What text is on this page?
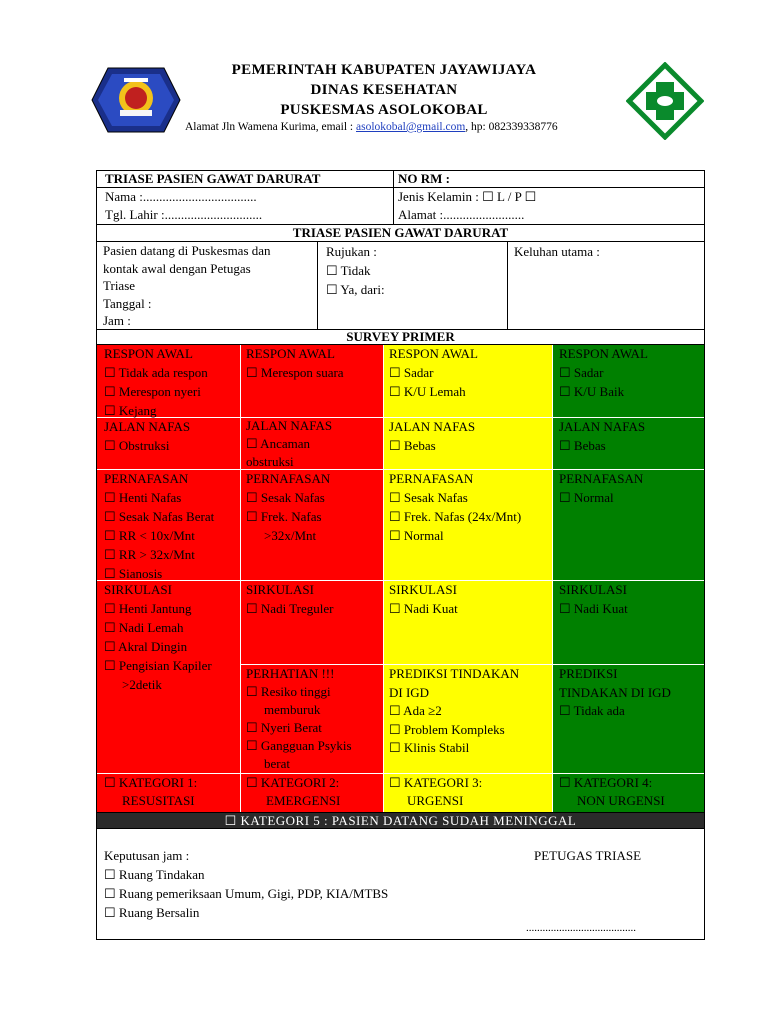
PEMERINTAH KABUPATEN JAYAWIJAYA
DINAS KESEHATAN
PUSKESMAS ASOLOKOBAL
Alamat Jln Wamena Kurima, email : asolokobal@gmail.com, hp: 082339338776
TRIASE PASIEN GAWAT DARURAT	NO RM :
Nama :...................................
Tgl. Lahir :..............................
Jenis Kelamin : ☐ L / P ☐
Alamat :.........................
TRIASE PASIEN GAWAT DARURAT
Pasien datang di Puskesmas dan
kontak awal dengan Petugas
Triase
Tanggal :
Jam :
Rujukan :
☐ Tidak
☐ Ya, dari:
Keluhan utama :
SURVEY PRIMER
RESPON AWAL
☐ Tidak ada respon
☐ Merespon nyeri
☐ Kejang
JALAN NAFAS
☐ Obstruksi
PERNAFASAN
☐ Henti Nafas
☐ Sesak Nafas Berat
☐ RR < 10x/Mnt
☐ RR > 32x/Mnt
☐ Sianosis
SIRKULASI
☐ Henti Jantung
☐ Nadi Lemah
☐ Akral Dingin
☐ Pengisian Kapiler
>2detik
☐ KATEGORI 1:
RESUSITASI
RESPON AWAL
☐ Merespon suara
JALAN NAFAS
☐ Ancaman
obstruksi
PERNAFASAN
☐ Sesak Nafas
☐ Frek. Nafas
>32x/Mnt
SIRKULASI
☐ Nadi Treguler
PERHATIAN !!!
☐ Resiko tinggi
memburuk
☐ Nyeri Berat
☐ Gangguan Psykis
berat
☐ KATEGORI 2:
EMERGENSI
RESPON AWAL
☐ Sadar
☐ K/U Lemah
JALAN NAFAS
☐ Bebas
PERNAFASAN
☐ Sesak Nafas
☐ Frek. Nafas (24x/Mnt)
☐ Normal
SIRKULASI
☐ Nadi Kuat
PREDIKSI TINDAKAN
DI IGD
☐ Ada ≥2
☐ Problem Kompleks
☐ Klinis Stabil
☐ KATEGORI 3:
URGENSI
RESPON AWAL
☐ Sadar
☐ K/U Baik
JALAN NAFAS
☐ Bebas
PERNAFASAN
☐ Normal
SIRKULASI
☐ Nadi Kuat
PREDIKSI
TINDAKAN DI IGD
☐ Tidak ada
☐ KATEGORI 4:
NON URGENSI
☐ KATEGORI 5 : PASIEN DATANG SUDAH MENINGGAL
Keputusan jam :
☐ Ruang Tindakan
☐ Ruang pemeriksaan Umum, Gigi, PDP, KIA/MTBS
☐ Ruang Bersalin
PETUGAS TRIASE
........................................
